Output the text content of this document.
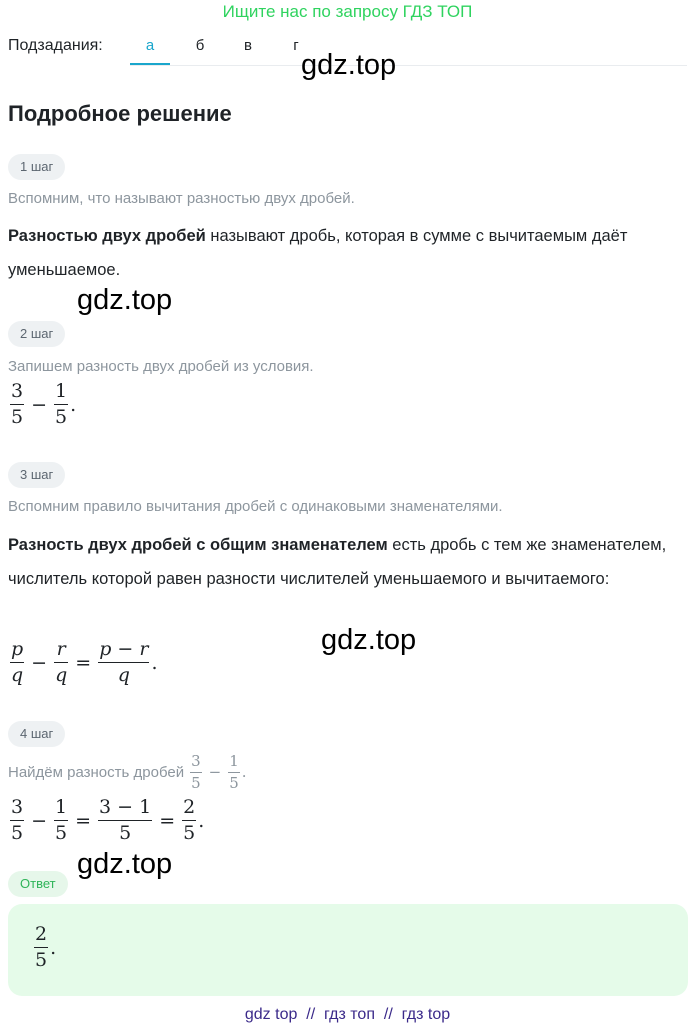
Ищите нас по запросу ГДЗ ТОП
Подзадания:	а	б	в	г
gdz.top
gdz.top
gdz.top
gdz.top
Подробное решение
1 шаг
Вспомним, что называют разностью двух дробей.
Разностью двух дробей называют дробь, которая в сумме с вычитаемым даёт уменьшаемое.
2 шаг
Запишем разность двух дробей из условия.
$\frac{3}{5} - \frac{1}{5}$ .
3 шаг
Вспомним правило вычитания дробей с одинаковыми знаменателями.
Разность двух дробей с общим знаменателем есть дробь с тем же знаменателем, числитель которой равен разности числителей уменьшаемого и вычитаемого:
$\frac{p}{q} - \frac{r}{q} = \frac{p - r}{q}$ .
4 шаг
Найдём разность дробей $\frac{3}{5} - \frac{1}{5}$ .
$\frac{3}{5} - \frac{1}{5} = \frac{3 - 1}{5} = \frac{2}{5}$ .
Ответ
$\frac{2}{5}$ .
gdz top  //  гдз топ  //  гдз top
